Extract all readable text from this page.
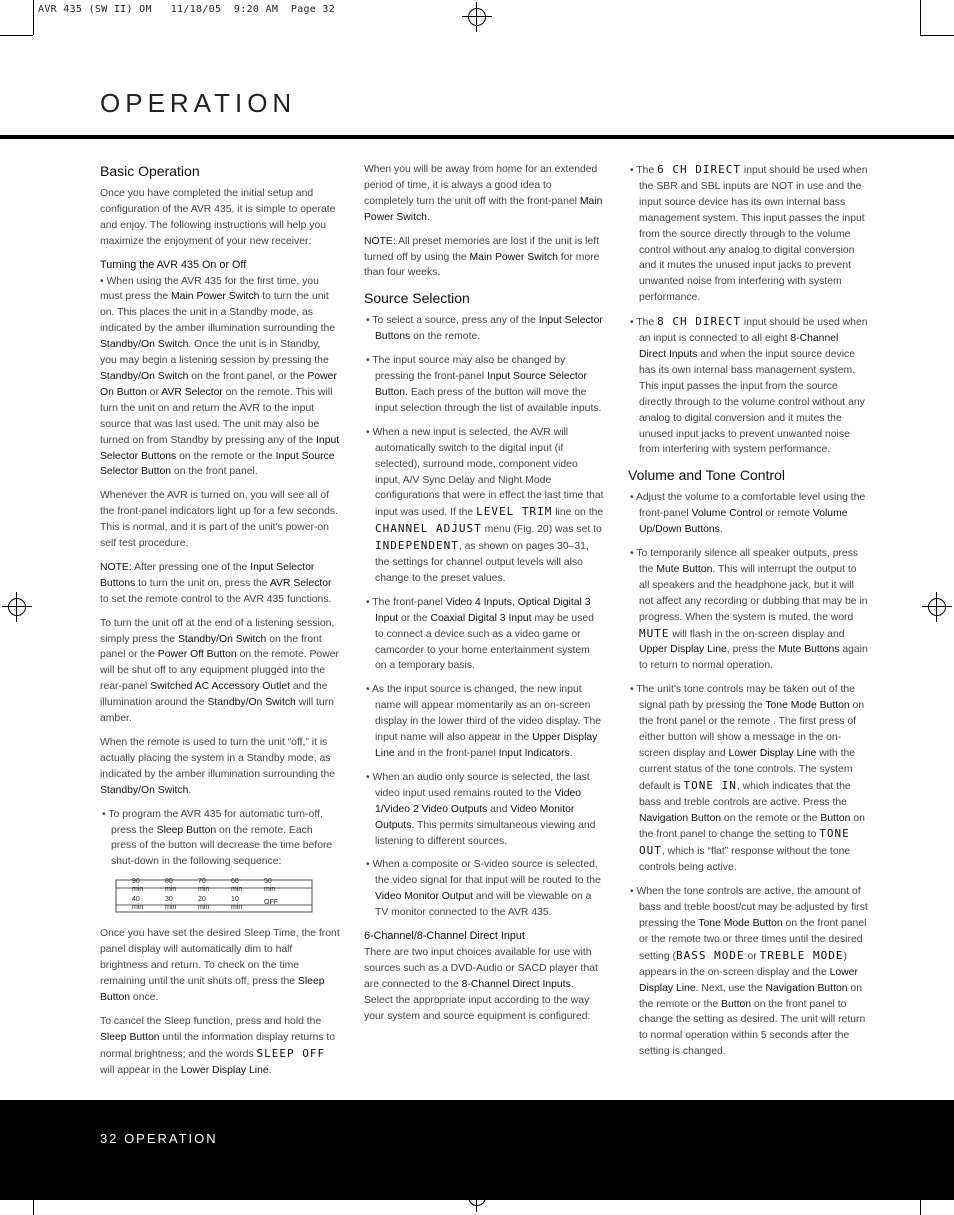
AVR 435 (SW II) OM   11/18/05  9:20 AM  Page 32
OPERATION
Basic Operation

Once you have completed the initial setup and configuration of the AVR 435, it is simple to operate and enjoy. The following instructions will help you maximize the enjoyment of your new receiver:

Turning the AVR 435 On or Off

• When using the AVR 435 for the first time, you must press the Main Power Switch to turn the unit on. This places the unit in a Standby mode, as indicated by the amber illumination surrounding the Standby/On Switch. Once the unit is in Standby, you may begin a listening session by pressing the Standby/On Switch on the front panel, or the Power On Button or AVR Selector on the remote. This will turn the unit on and return the AVR to the input source that was last used. The unit may also be turned on from Standby by pressing any of the Input Selector Buttons on the remote or the Input Source Selector Button on the front panel.

Whenever the AVR is turned on, you will see all of the front-panel indicators light up for a few seconds. This is normal, and it is part of the unit's power-on self test procedure.

NOTE: After pressing one of the Input Selector Buttons to turn the unit on, press the AVR Selector to set the remote control to the AVR 435 functions.

To turn the unit off at the end of a listening session, simply press the Standby/On Switch on the front panel or the Power Off Button on the remote. Power will be shut off to any equipment plugged into the rear-panel Switched AC Accessory Outlet and the illumination around the Standby/On Switch will turn amber.

When the remote is used to turn the unit “off,” it is actually placing the system in a Standby mode, as indicated by the amber illumination surrounding the Standby/On Switch.

• To program the AVR 435 for automatic turn-off, press the Sleep Button on the remote. Each press of the button will decrease the time before shut-down in the following sequence:

90
min
80
min
70
min
60
min
50
min
40
min
30
min
20
min
10
min
OFF

Once you have set the desired Sleep Time, the front panel display will automatically dim to half brightness and return. To check on the time remaining until the unit shuts off, press the Sleep Button once.

To cancel the Sleep function, press and hold the Sleep Button until the information display returns to normal brightness; and the words SLEEP OFF will appear in the Lower Display Line.

When you will be away from home for an extended period of time, it is always a good idea to completely turn the unit off with the front-panel Main Power Switch.

NOTE: All preset memories are lost if the unit is left turned off by using the Main Power Switch for more than four weeks.

Source Selection

• To select a source, press any of the Input Selector Buttons on the remote.

• The input source may also be changed by pressing the front-panel Input Source Selector Button. Each press of the button will move the input selection through the list of available inputs.

• When a new input is selected, the AVR will automatically switch to the digital input (if selected), surround mode, component video input, A/V Sync Delay and Night Mode configurations that were in effect the last time that input was used. If the LEVEL TRIM line on the CHANNEL ADJUST menu (Fig. 20) was set to INDEPENDENT, as shown on pages 30–31, the settings for channel output levels will also change to the preset values.

• The front-panel Video 4 Inputs, Optical Digital 3 Input or the Coaxial Digital 3 Input may be used to connect a device such as a video game or camcorder to your home entertainment system on a temporary basis.

• As the input source is changed, the new input name will appear momentarily as an on-screen display in the lower third of the video display. The input name will also appear in the Upper Display Line and in the front-panel Input Indicators.

• When an audio only source is selected, the last video input used remains routed to the Video 1/Video 2 Video Outputs and Video Monitor Outputs. This permits simultaneous viewing and listening to different sources.

• When a composite or S-video source is selected, the video signal for that input will be routed to the Video Monitor Output and will be viewable on a TV monitor connected to the AVR 435.

6-Channel/8-Channel Direct Input

There are two input choices available for use with sources such as a DVD-Audio or SACD player that are connected to the 8-Channel Direct Inputs. Select the appropriate input according to the way your system and source equipment is configured:

• The 6 CH DIRECT input should be used when the SBR and SBL inputs are NOT in use and the input source device has its own internal bass management system. This input passes the input from the source directly through to the volume control without any analog to digital conversion and it mutes the unused input jacks to prevent unwanted noise from interfering with system performance.

• The 8 CH DIRECT input should be used when an input is connected to all eight 8-Channel Direct Inputs and when the input source device has its own internal bass management system. This input passes the input from the source directly through to the volume control without any analog to digital conversion and it mutes the unused input jacks to prevent unwanted noise from interfering with system performance.

Volume and Tone Control

• Adjust the volume to a comfortable level using the front-panel Volume Control or remote Volume Up/Down Buttons.

• To temporarily silence all speaker outputs, press the Mute Button. This will interrupt the output to all speakers and the headphone jack, but it will not affect any recording or dubbing that may be in progress. When the system is muted, the word MUTE will flash in the on-screen display and Upper Display Line, press the Mute Buttons again to return to normal operation.

• The unit's tone controls may be taken out of the signal path by pressing the Tone Mode Button on the front panel or the remote . The first press of either button will show a message in the on-screen display and Lower Display Line with the current status of the tone controls. The system default is TONE IN, which indicates that the bass and treble controls are active. Press the Navigation Button on the remote or the Button on the front panel to change the setting to TONE OUT, which is “flat” response without the tone controls being active.

• When the tone controls are active, the amount of bass and treble boost/cut may be adjusted by first pressing the Tone Mode Button on the front panel or the remote two or three times until the desired setting (BASS MODE or TREBLE MODE) appears in the on-screen display and the Lower Display Line. Next, use the Navigation Button on the remote or the Button on the front panel to change the setting as desired. The unit will return to normal operation within 5 seconds after the setting is changed.

32 OPERATION
